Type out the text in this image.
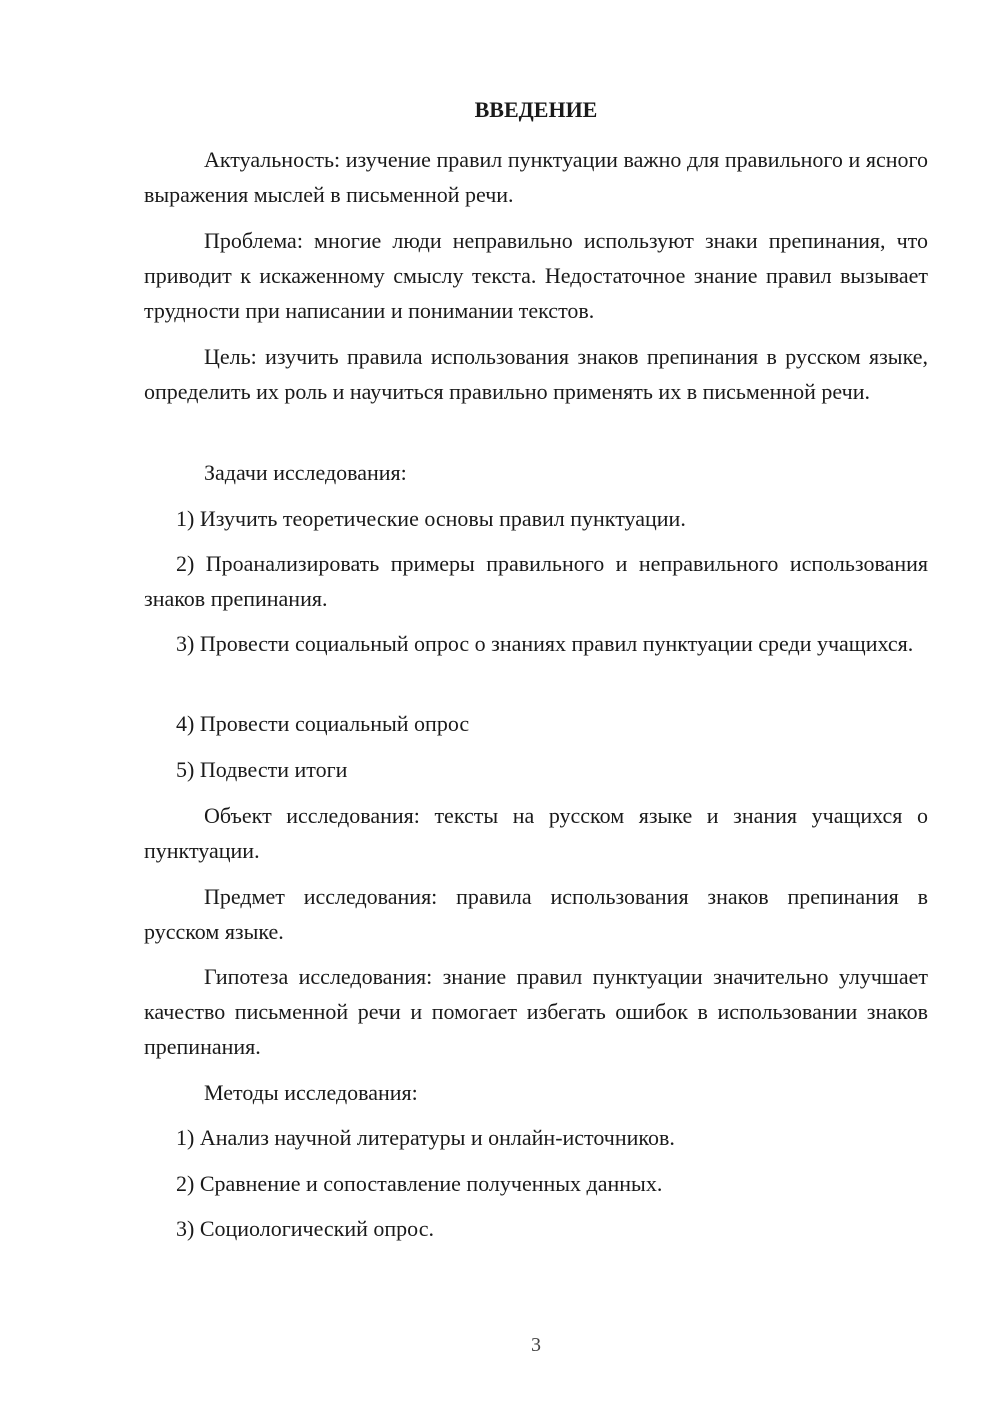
ВВЕДЕНИЕ

Актуальность: изучение правил пунктуации важно для правильного и ясного выражения мыслей в письменной речи.

Проблема: многие люди неправильно используют знаки препинания, что приводит к искаженному смыслу текста. Недостаточное знание правил вызывает трудности при написании и понимании текстов.

Цель: изучить правила использования знаков препинания в русском языке, определить их роль и научиться правильно применять их в письменной речи.

Задачи исследования:

1) Изучить теоретические основы правил пунктуации.

2) Проанализировать примеры правильного и неправильного использования знаков препинания.

3) Провести социальный опрос о знаниях правил пунктуации среди учащихся.

4) Провести социальный опрос

5) Подвести итоги

Объект исследования: тексты на русском языке и знания учащихся о пунктуации.

Предмет исследования: правила использования знаков препинания в русском языке.

Гипотеза исследования: знание правил пунктуации значительно улучшает качество письменной речи и помогает избегать ошибок в использовании знаков препинания.

Методы исследования:

1) Анализ научной литературы и онлайн-источников.

2) Сравнение и сопоставление полученных данных.

3) Социологический опрос.

3
